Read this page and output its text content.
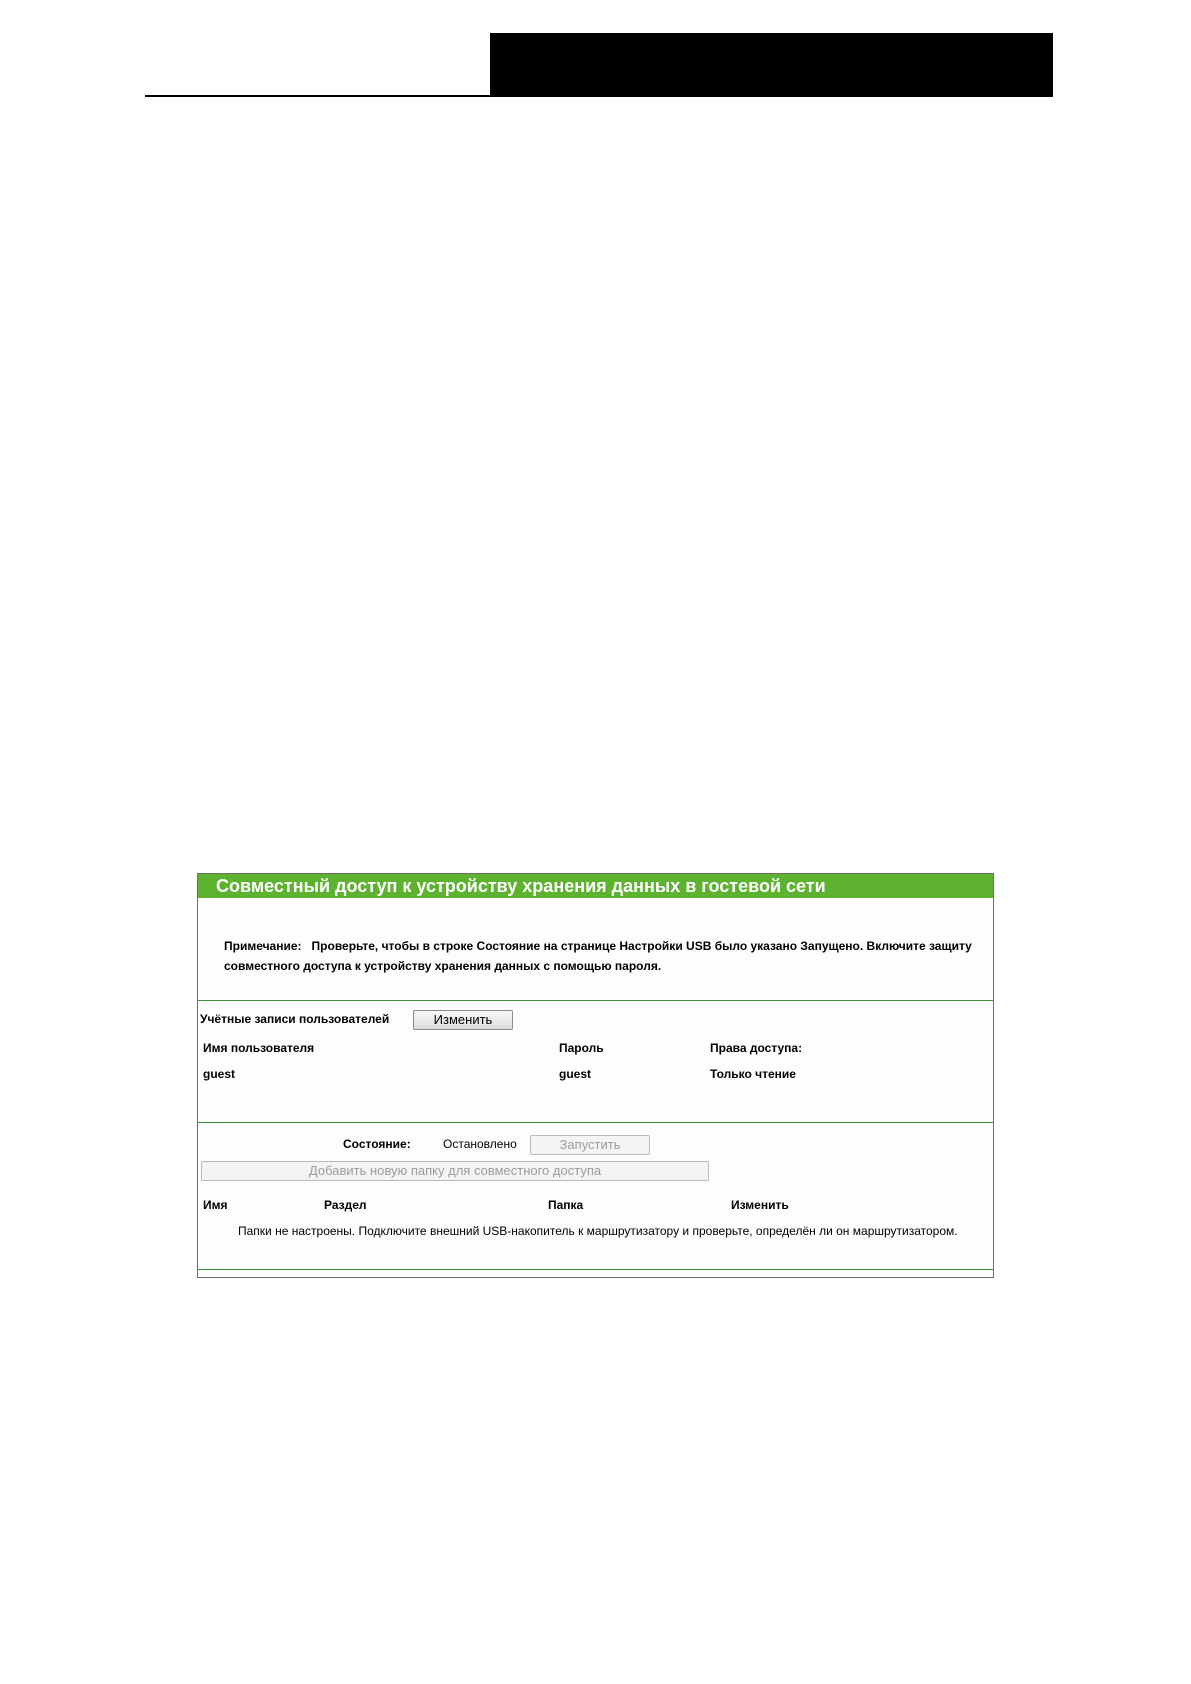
Совместный доступ к устройству хранения данных в гостевой сети
Примечание: Проверьте, чтобы в строке Состояние на странице Настройки USB было указано Запущено. Включите защиту совместного доступа к устройству хранения данных с помощью пароля.
Учётные записи пользователей	Изменить
Имя пользователя	Пароль	Права доступа:
guest	guest	Только чтение
Состояние:	Остановлено	Запустить
Добавить новую папку для совместного доступа
Имя	Раздел	Папка	Изменить
Папки не настроены. Подключите внешний USB-накопитель к маршрутизатору и проверьте, определён ли он маршрутизатором.
